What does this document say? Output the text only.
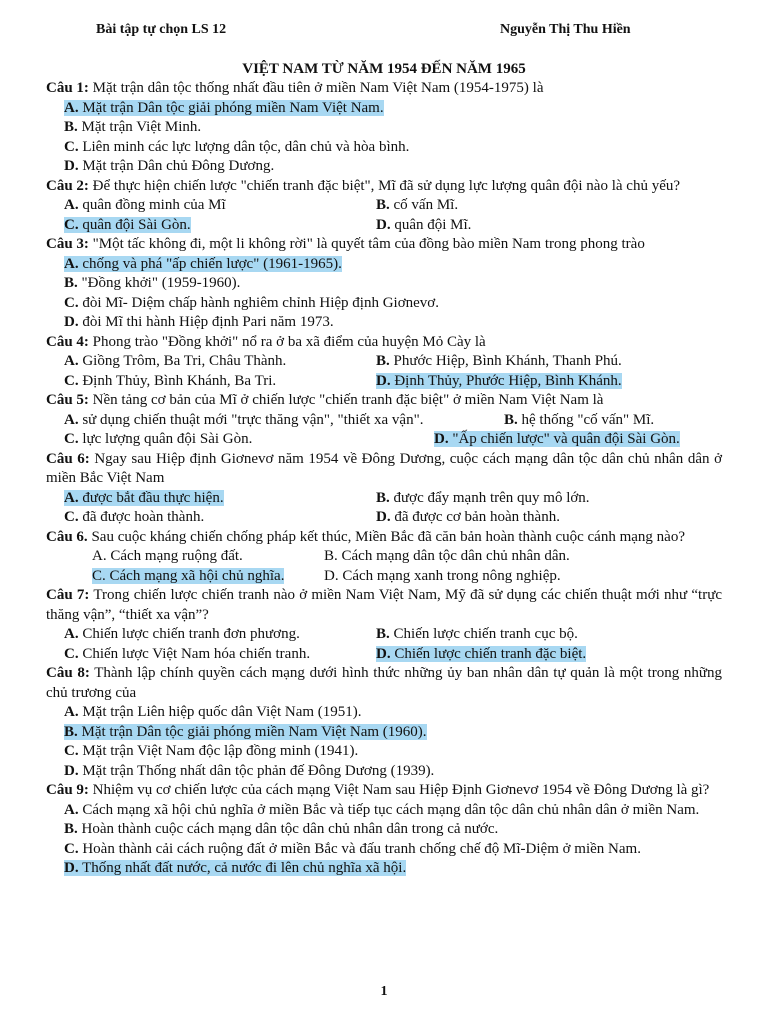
Bài tập tự chọn LS 12	Nguyễn Thị Thu Hiền
VIỆT NAM TỪ NĂM 1954 ĐẾN NĂM 1965

Câu 1: Mặt trận dân tộc thống nhất đầu tiên ở miền Nam Việt Nam (1954-1975) là

A. Mặt trận Dân tộc giải phóng miền Nam Việt Nam.
B. Mặt trận Việt Minh.
C. Liên minh các lực lượng dân tộc, dân chủ và hòa bình.
D. Mặt trận Dân chủ Đông Dương.

Câu 2: Để thực hiện chiến lược "chiến tranh đặc biệt", Mĩ đã sử dụng lực lượng quân đội nào là chủ yếu?

A. quân đồng minh của Mĩ	B. cố vấn Mĩ.
C. quân đội Sài Gòn.	D. quân đội Mĩ.

Câu 3: "Một tấc không đi, một li không rời" là quyết tâm của đồng bào miền Nam trong phong trào

A. chống và phá "ấp chiến lược" (1961-1965).
B. "Đồng khởi" (1959-1960).
C. đòi Mĩ- Diệm chấp hành nghiêm chỉnh Hiệp định Giơnevơ.
D. đòi Mĩ thi hành Hiệp định Pari năm 1973.

Câu 4: Phong trào "Đồng khởi" nổ ra ở ba xã điểm của huyện Mỏ Cày là

A. Giồng Trôm, Ba Tri, Châu Thành.	B. Phước Hiệp, Bình Khánh, Thanh Phú.
C. Định Thủy, Bình Khánh, Ba Tri.	D. Định Thủy, Phước Hiệp, Bình Khánh.

Câu 5: Nền tảng cơ bản của Mĩ ở chiến lược "chiến tranh đặc biệt" ở miền Nam Việt Nam là

A. sử dụng chiến thuật mới "trực thăng vận", "thiết xa vận".	B. hệ thống "cố vấn" Mĩ.
C. lực lượng quân đội Sài Gòn.	D. "Ấp chiến lược" và quân đội Sài Gòn.

Câu 6: Ngay sau Hiệp định Giơnevơ năm 1954 về Đông Dương, cuộc cách mạng dân tộc dân chủ nhân dân ở miền Bắc Việt Nam

A. được bắt đầu thực hiện.	B. được đẩy mạnh trên quy mô lớn.
C. đã được hoàn thành.	D. đã được cơ bản hoàn thành.

Câu 6. Sau cuộc kháng chiến chống pháp kết thúc, Miền Bắc đã căn bản hoàn thành cuộc cánh mạng nào?

A. Cách mạng ruộng đất.	B. Cách mạng dân tộc dân chủ nhân dân.
C. Cách mạng xã hội chủ nghĩa.	D. Cách mạng xanh trong nông nghiệp.

Câu 7: Trong chiến lược chiến tranh nào ở miền Nam Việt Nam, Mỹ đã sử dụng các chiến thuật mới như “trực thăng vận”, “thiết xa vận”?

A. Chiến lược chiến tranh đơn phương.	B. Chiến lược chiến tranh cục bộ.
C. Chiến lược Việt Nam hóa chiến tranh.	D. Chiến lược chiến tranh đặc biệt.

Câu 8: Thành lập chính quyền cách mạng dưới hình thức những ủy ban nhân dân tự quản là một trong những chủ trương của

A. Mặt trận Liên hiệp quốc dân Việt Nam (1951).
B. Mặt trận Dân tộc giải phóng miền Nam Việt Nam (1960).
C. Mặt trận Việt Nam độc lập đồng minh (1941).
D. Mặt trận Thống nhất dân tộc phản đế Đông Dương (1939).

Câu 9: Nhiệm vụ cơ chiến lược của cách mạng Việt Nam sau Hiệp Định Giơnevơ 1954 về Đông Dương là gì?

A. Cách mạng xã hội chủ nghĩa ở miền Bắc và tiếp tục cách mạng dân tộc dân chủ nhân dân ở miền Nam.
B. Hoàn thành cuộc cách mạng dân tộc dân chủ nhân dân trong cả nước.
C. Hoàn thành cải cách ruộng đất ở miền Bắc và đấu tranh chống chế độ Mĩ-Diệm ở miền Nam.
D. Thống nhất đất nước, cả nước đi lên chủ nghĩa xã hội.
1
